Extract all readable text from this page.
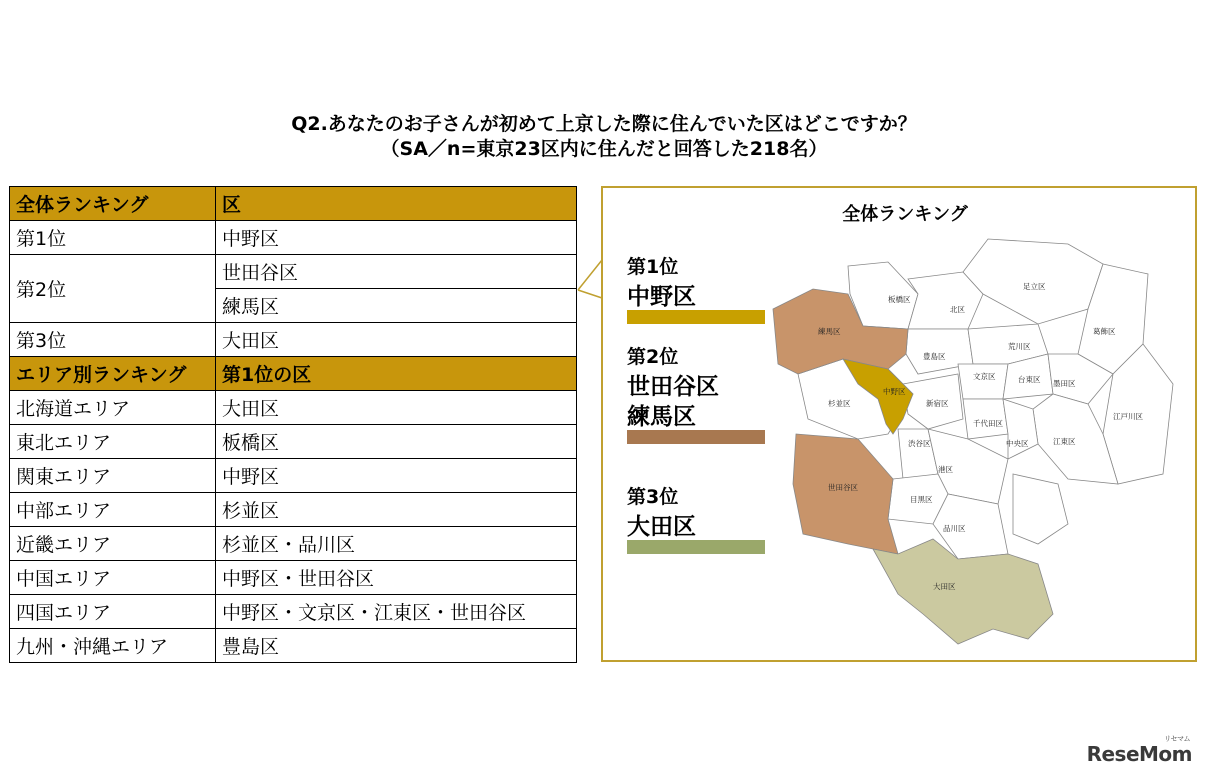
Q2.あなたのお子さんが初めて上京した際に住んでいた区はどこですか？
（SA／n=東京23区内に住んだと回答した218名）
全体ランキング	区
第1位	中野区
第2位	世田谷区
	練馬区
第3位	大田区
エリア別ランキング	第1位の区
北海道エリア	大田区
東北エリア	板橋区
関東エリア	中野区
中部エリア	杉並区
近畿エリア	杉並区・品川区
中国エリア	中野区・世田谷区
四国エリア	中野区・文京区・江東区・世田谷区
九州・沖縄エリア	豊島区
全体ランキング
第1位
中野区
第2位
世田谷区
練馬区
第3位
大田区
練馬区
板橋区
北区
足立区
葛飾区
豊島区
荒川区
中野区
文京区	台東区 墨田区
杉並区	新宿区
千代田区
江戸川区
渋谷区	中央区	江東区
港区
世田谷区
目黒区
品川区
大田区
ReseMom
リセマム
